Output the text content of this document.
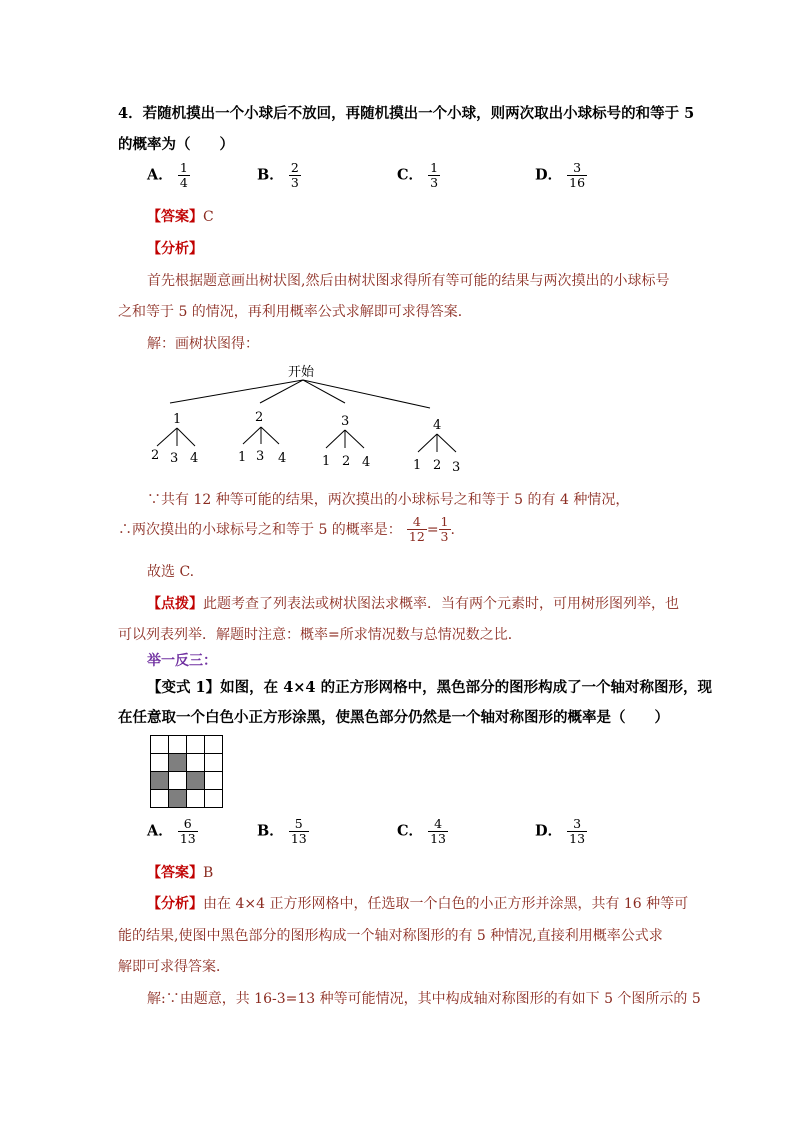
4．若随机摸出一个小球后不放回，再随机摸出一个小球，则两次取出小球标号的和等于 5
的概率为（　　）
A． $\frac{1}{4}$	B． $\frac{2}{3}$	C． $\frac{1}{3}$	D． $\frac{3}{16}$
【答案】C
【分析】
首先根据题意画出树状图,然后由树状图求得所有等可能的结果与两次摸出的小球标号
之和等于 5 的情况，再利用概率公式求解即可求得答案．
解：画树状图得：
开始
1	2	3	4
2 3 4	1 3 4	1 2 4	1 2 3
∵共有 12 种等可能的结果，两次摸出的小球标号之和等于 5 的有 4 种情况，
∴两次摸出的小球标号之和等于 5 的概率是： $\frac{4}{12} = \frac{1}{3}$ .
故选 C.
【点拨】此题考查了列表法或树状图法求概率．当有两个元素时，可用树形图列举，也
可以列表列举．解题时注意：概率=所求情况数与总情况数之比．
举一反三：
【变式 1】如图，在 4×4 的正方形网格中，黑色部分的图形构成了一个轴对称图形，现
在任意取一个白色小正方形涂黑，使黑色部分仍然是一个轴对称图形的概率是（　　）
A． $\frac{6}{13}$	B． $\frac{5}{13}$	C． $\frac{4}{13}$	D． $\frac{3}{13}$
【答案】B
【分析】由在 4×4 正方形网格中，任选取一个白色的小正方形并涂黑，共有 16 种等可
能的结果,使图中黑色部分的图形构成一个轴对称图形的有 5 种情况,直接利用概率公式求
解即可求得答案．
解:∵由题意，共 16-3=13 种等可能情况，其中构成轴对称图形的有如下 5 个图所示的 5
